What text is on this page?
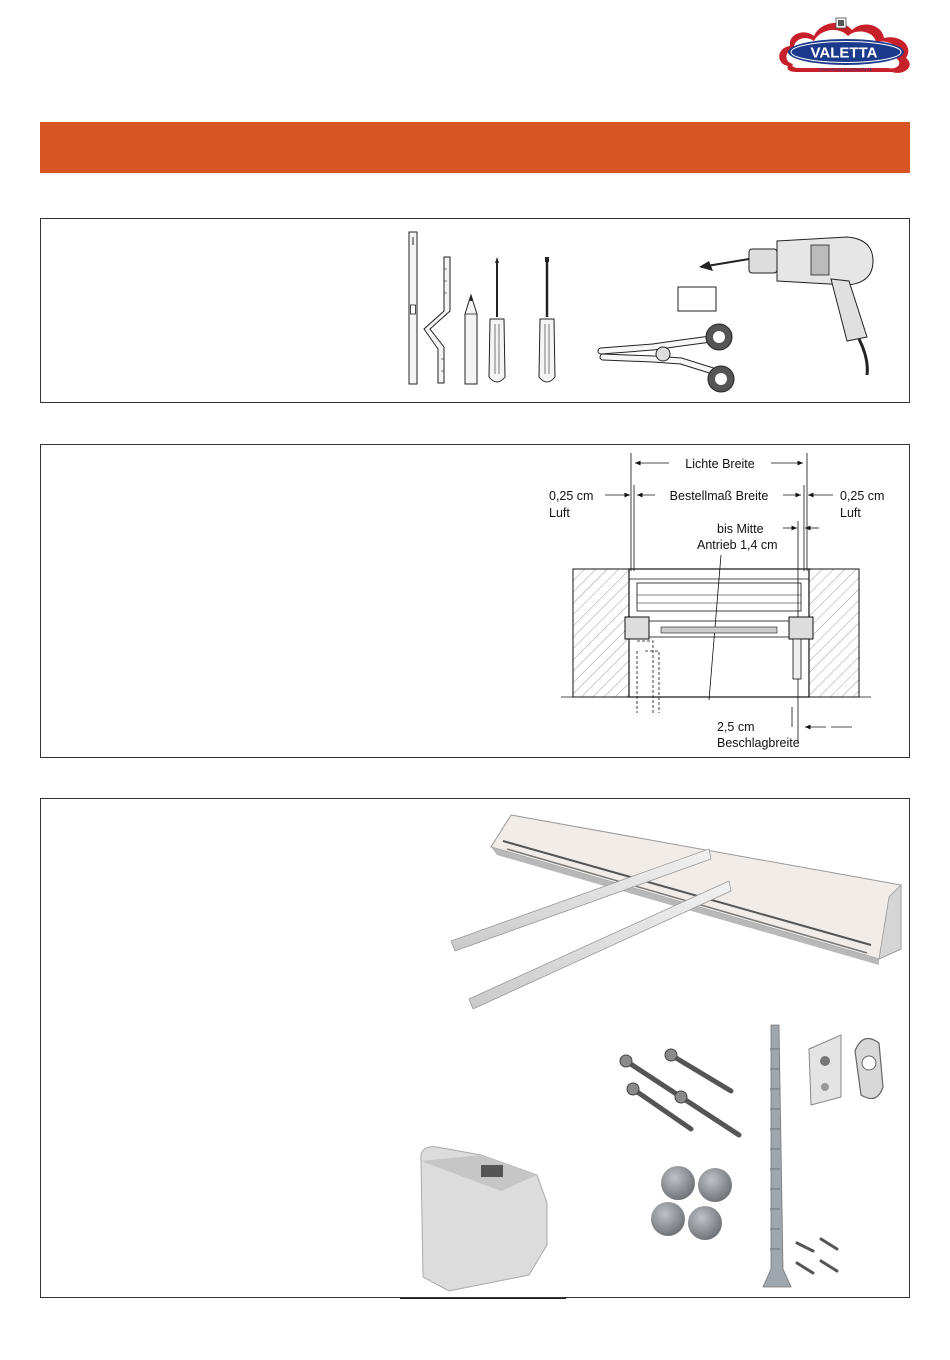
VALETTA	®
Sonnenschutztechnik
Lichte Breite
Bestellmaß Breite
0,25 cm
Luft
0,25 cm
Luft
bis Mitte
Antrieb 1,4 cm
2,5 cm
Beschlagbreite
